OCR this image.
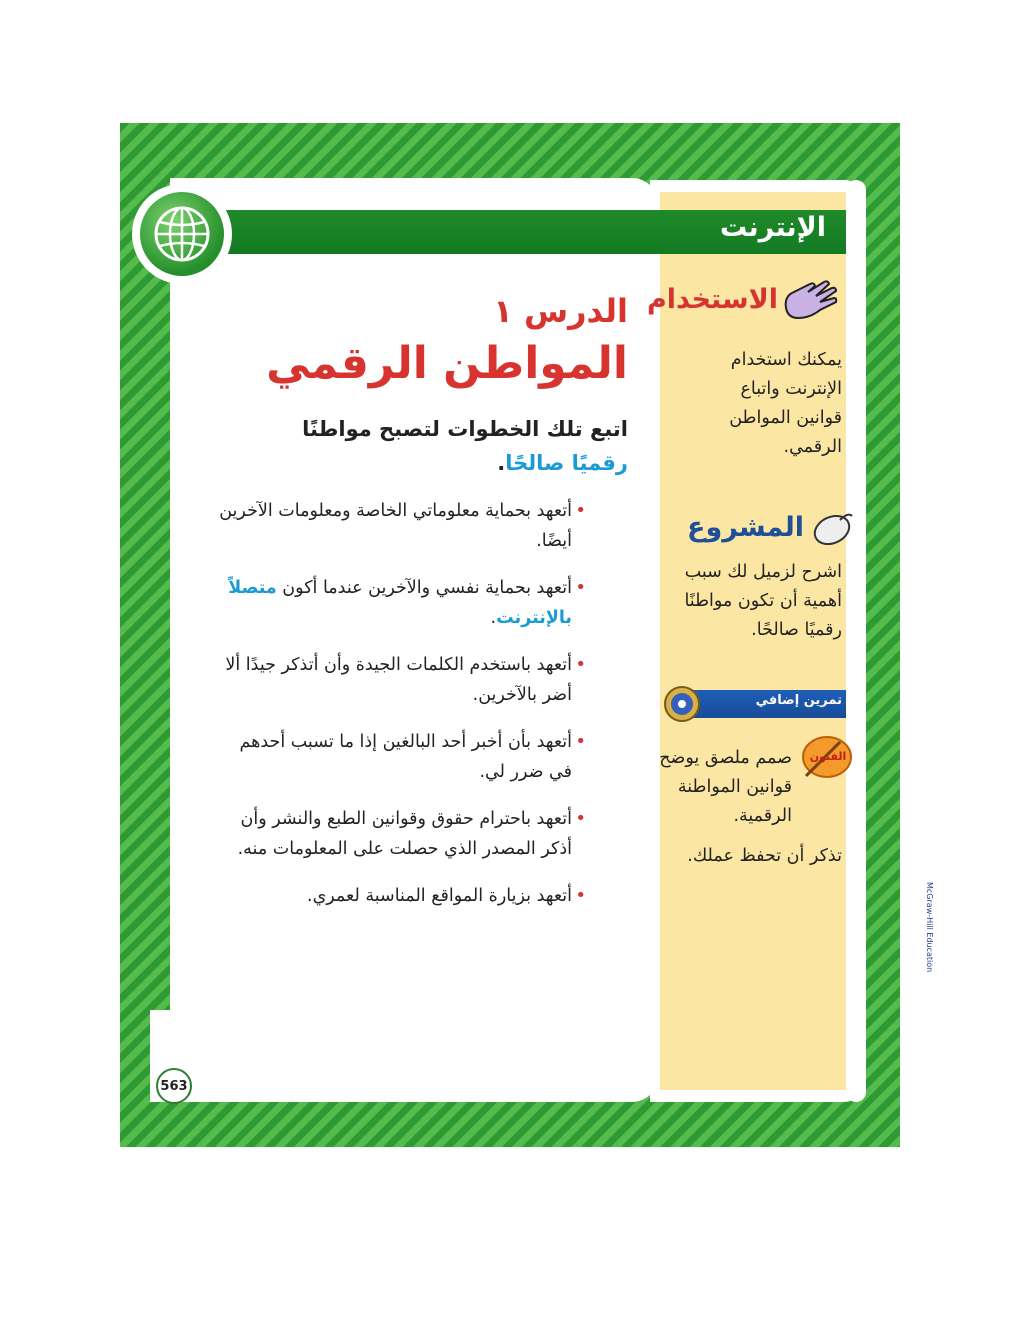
الإنترنت
الدرس ١
المواطن الرقمي
اتبع تلك الخطوات لتصبح مواطنًا رقميًا صالحًا.
•
أتعهد بحماية معلوماتي الخاصة ومعلومات الآخرين أيضًا.
•
أتعهد بحماية نفسي والآخرين عندما أكون متصلاً بالإنترنت.
•
أتعهد باستخدم الكلمات الجيدة وأن أتذكر جيدًا ألا أضر بالآخرين.
•
أتعهد بأن أخبر أحد البالغين إذا ما تسبب أحدهم في ضرر لي.
•
أتعهد باحترام حقوق وقوانين الطبع والنشر وأن أذكر المصدر الذي حصلت على المعلومات منه.
•
أتعهد بزيارة المواقع المناسبة لعمري.
الاستخدام
يمكنك استخدام الإنترنت واتباع قوانين المواطن الرقمي.
المشروع
اشرح لزميل لك سبب أهمية أن تكون مواطنًا رقميًا صالحًا.
تمرين إضافي
الفنون
صمم ملصق يوضح قوانين المواطنة الرقمية.
تذكر أن تحفظ عملك.
563
McGraw-Hill Education
